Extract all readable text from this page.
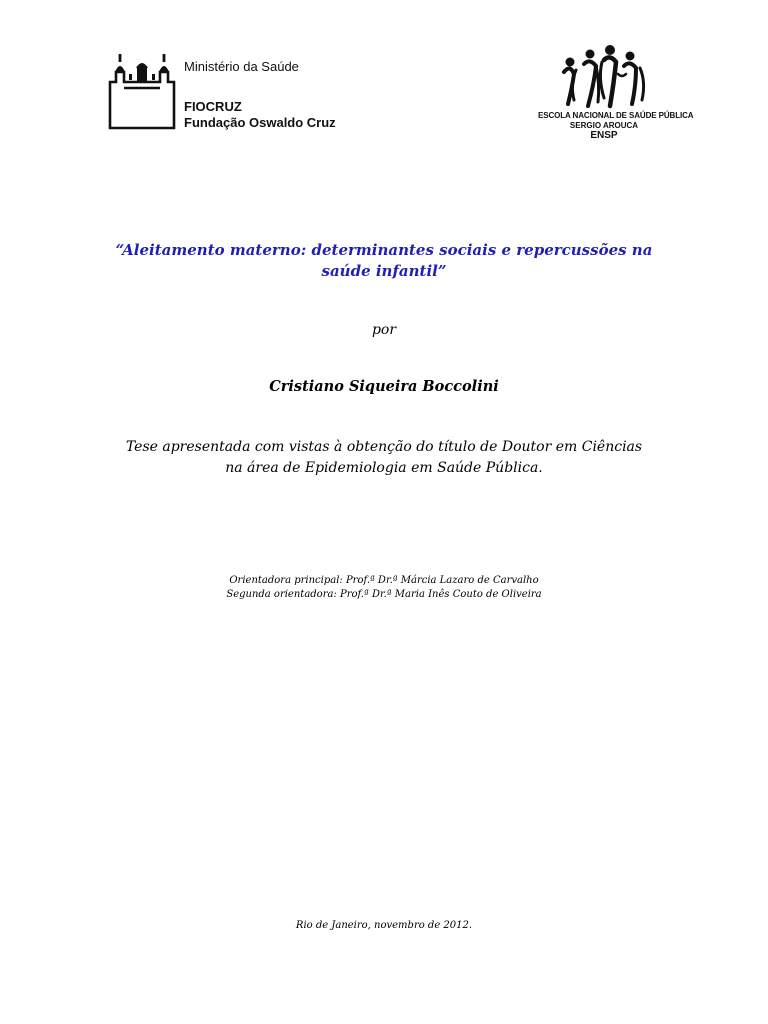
Ministério da Saúde
FIOCRUZ
Fundação Oswaldo Cruz	ESCOLA NACIONAL DE SAÚDE PÚBLICA
SERGIO AROUCA
ENSP
“Aleitamento materno: determinantes sociais e repercussões na saúde infantil”
por
Cristiano Siqueira Boccolini
Tese apresentada com vistas à obtenção do título de Doutor em Ciências
na área de Epidemiologia em Saúde Pública.
Orientadora principal: Prof.ª Dr.ª Márcia Lazaro de Carvalho
Segunda orientadora: Prof.ª Dr.ª Maria Inês Couto de Oliveira
Rio de Janeiro, novembro de 2012.
